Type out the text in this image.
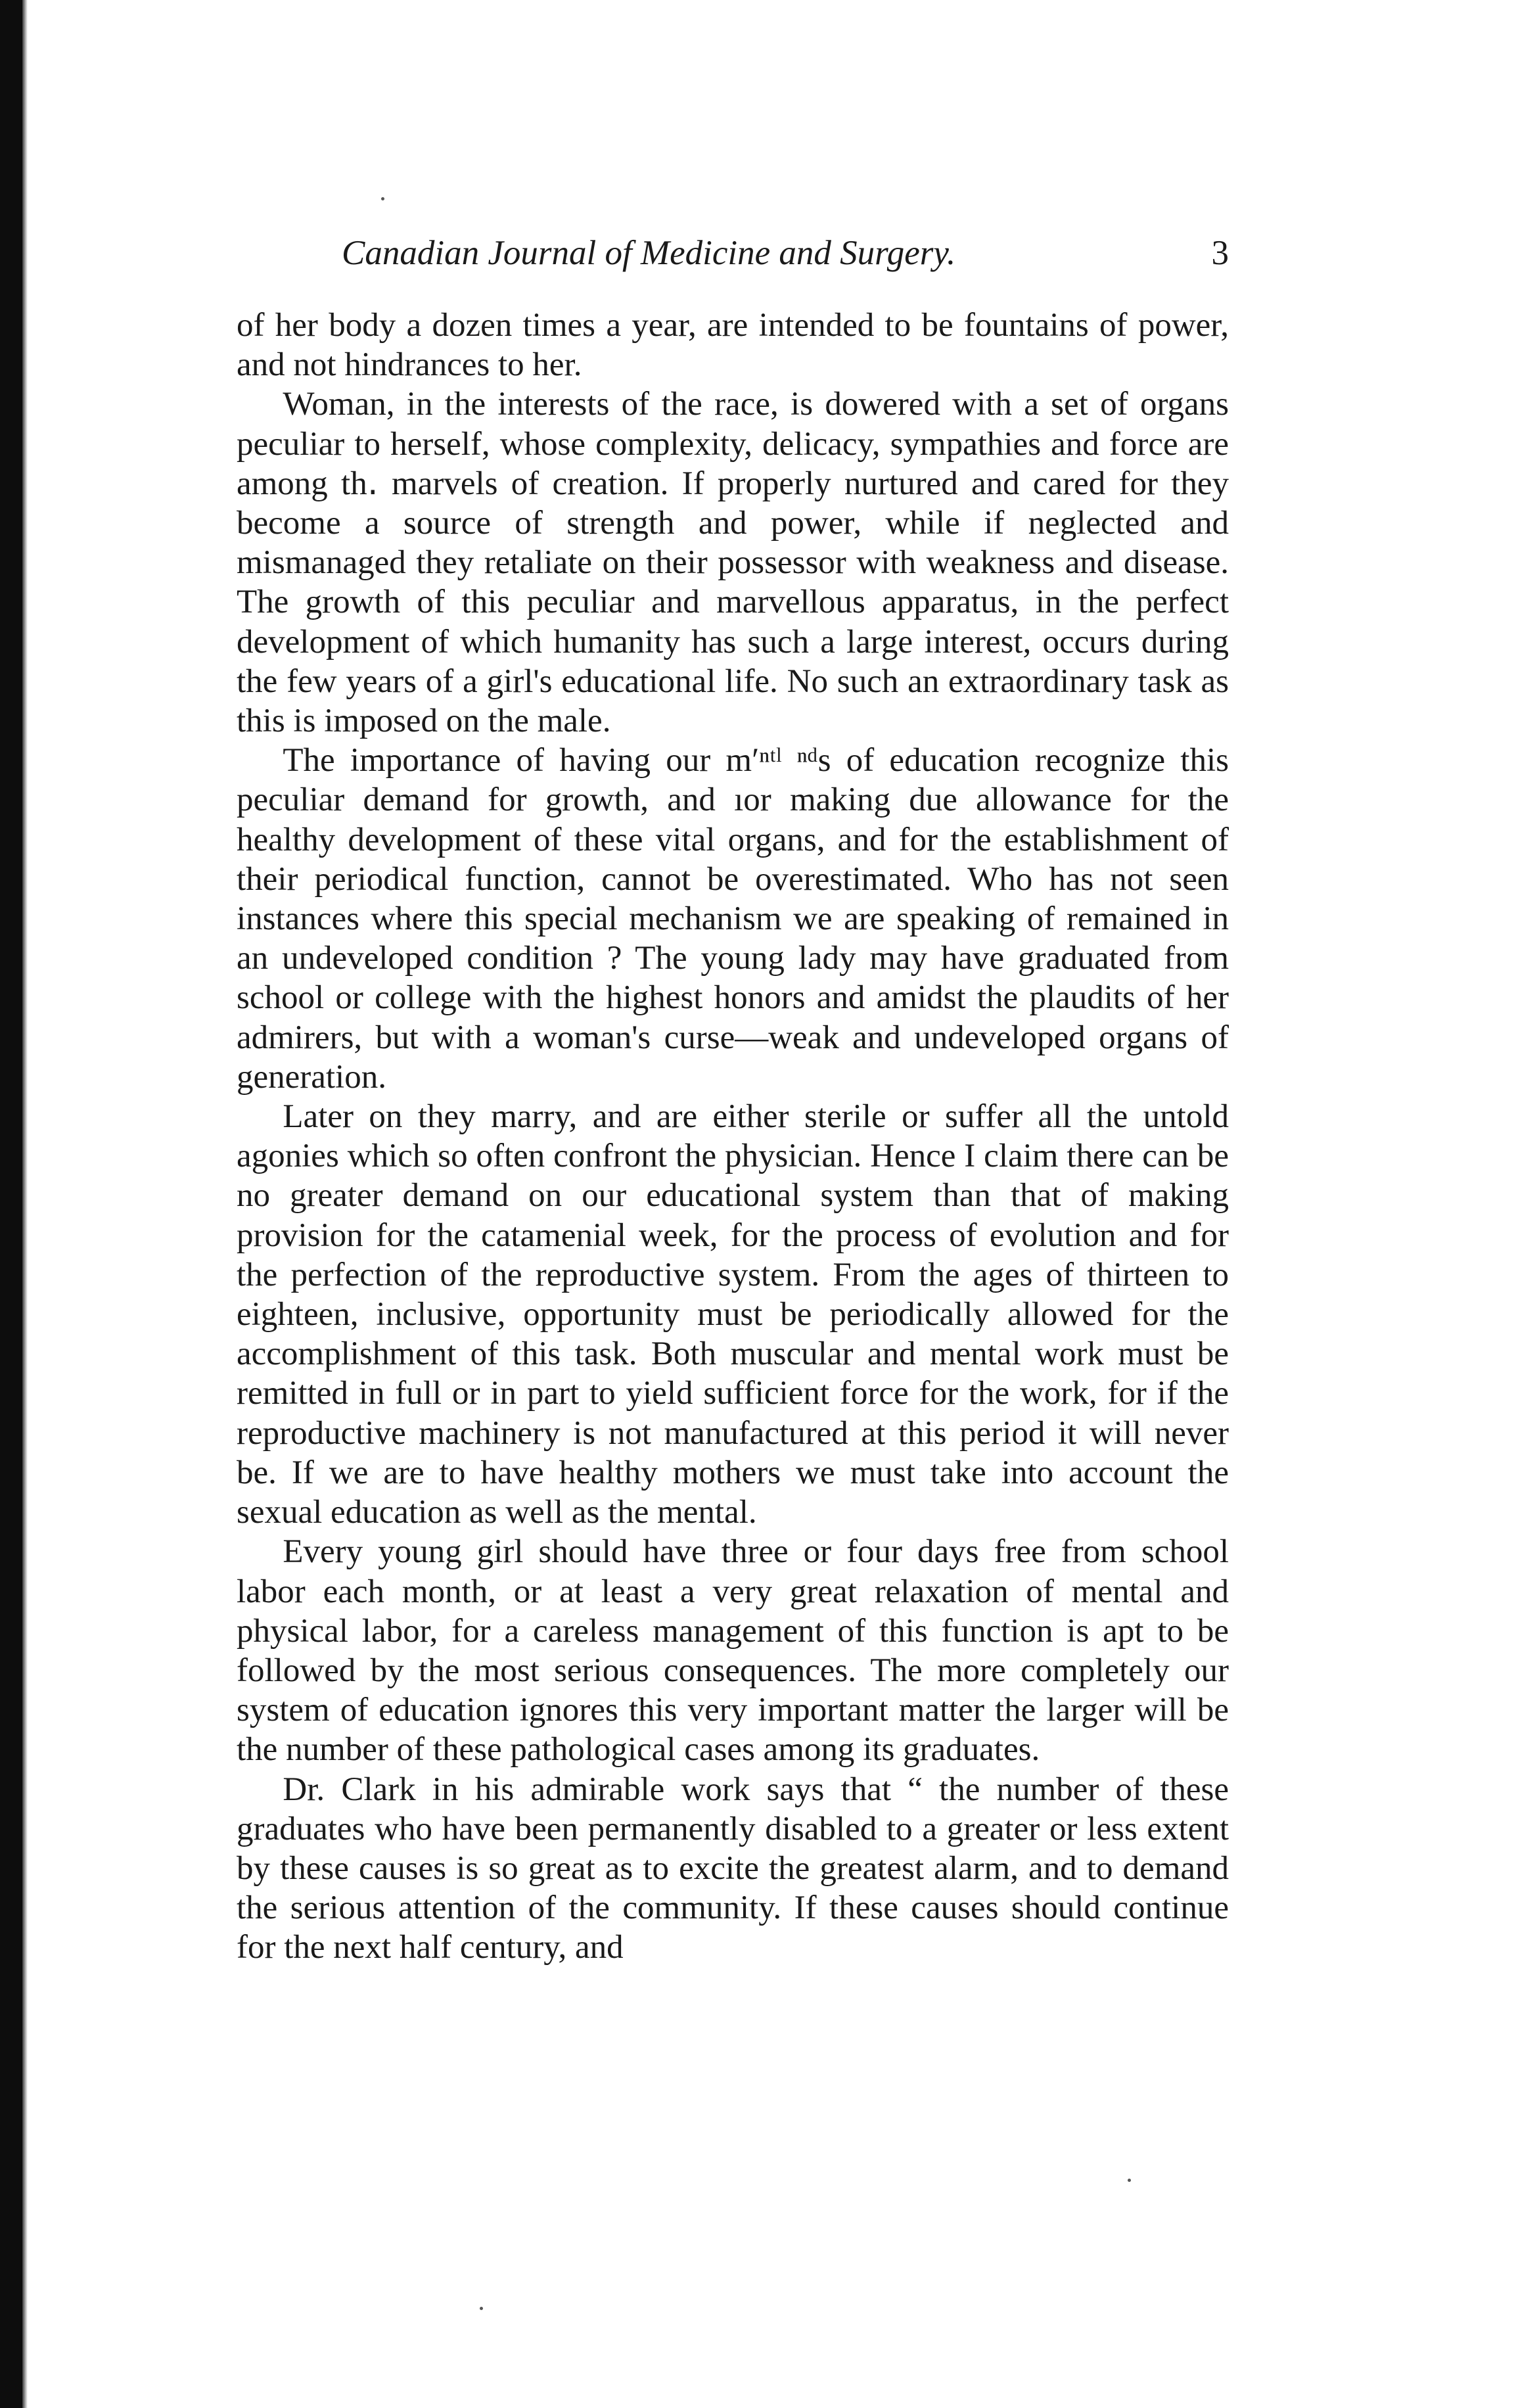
Canadian Journal of Medicine and Surgery.	3

of her body a dozen times a year, are intended to be fountains of power, and not hindrances to her.

Woman, in the interests of the race, is dowered with a set of organs peculiar to herself, whose complexity, delicacy, sympathies and force are among th․ marvels of creation. If properly nurtured and cared for they become a source of strength and power, while if neglected and mismanaged they retaliate on their possessor with weakness and disease. The growth of this peculiar and marvellous apparatus, in the perfect development of which humanity has such a large interest, occurs during the few years of a girl's educational life. No such an extraordinary task as this is imposed on the male.

The importance of having our m′ⁿᵗˡ ⁿᵈs of education recognize this peculiar demand for growth, and ıor making due allowance for the healthy development of these vital organs, and for the establishment of their periodical function, cannot be overestimated. Who has not seen instances where this special mechanism we are speaking of remained in an undeveloped condition ? The young lady may have graduated from school or college with the highest honors and amidst the plaudits of her admirers, but with a woman's curse—weak and undeveloped organs of generation.

Later on they marry, and are either sterile or suffer all the untold agonies which so often confront the physician. Hence I claim there can be no greater demand on our educational system than that of making provision for the catamenial week, for the process of evolution and for the perfection of the reproductive system. From the ages of thirteen to eighteen, inclusive, opportunity must be periodically allowed for the accomplishment of this task. Both muscular and mental work must be remitted in full or in part to yield sufficient force for the work, for if the reproductive machinery is not manufactured at this period it will never be. If we are to have healthy mothers we must take into account the sexual education as well as the mental.

Every young girl should have three or four days free from school labor each month, or at least a very great relaxation of mental and physical labor, for a careless management of this function is apt to be followed by the most serious consequences. The more completely our system of education ignores this very important matter the larger will be the number of these pathological cases among its graduates.

Dr. Clark in his admirable work says that “ the number of these graduates who have been permanently disabled to a greater or less extent by these causes is so great as to excite the greatest alarm, and to demand the serious attention of the community. If these causes should continue for the next half century, and
